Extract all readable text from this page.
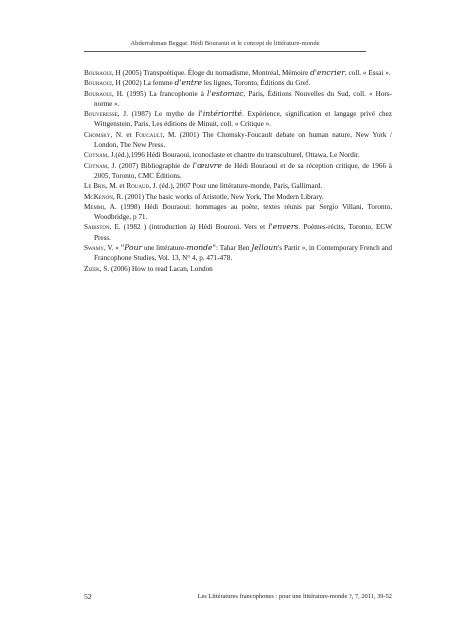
Abderrahman Beggar. Hédi Bouraoui et le concept de littérature-monde

Bouraoui, H (2005) Transpoétique. Éloge du nomadisme, Montréal, Mémoire d'encrier, coll. « Essai ».

Bouraoui, H (2002) La femme d'entre les lignes, Toronto, Éditions du Gref.

Bouraoui, H. (1995) La francophonie à l'estomac, Paris, Éditions Nouvelles du Sud, coll. « Hors-norme ».

Bouveresse, J. (1987) Le mythe de l'intériorité. Expérience, signification et langage privé chez Wittgenstein, Paris, Les éditions de Minuit, coll. « Critique ».

Chomsky, N. et Foucault, M. (2001) The Chomsky-Foucault debate on human nature, New York / London, The New Press.

Cotnam, J.(éd.),1996 Hédi Bouraoui, iconoclaste et chantre du transculturel, Ottawa, Le Nordir.

Cotnam, J. (2007) Bibliographie de l'œuvre de Hédi Bouraoui et de sa réception critique, de 1966 à 2005, Toronto, CMC Éditions.

Le Bris, M. et Rouaud, J. (éd.), 2007 Pour une littérature-monde, Paris, Gallimard.

McKenon, R. (2001) The basic works of Aristotle, New York, The Modern Library.

Memmi, A. (1998) Hédi Bouraoui: hommages au poète, textes réunis par Sergio Villani, Toronto, Woodbridge, p 71.

Sabiston, E. (1982 ) (introduction à) Hédi Bouroui. Vers et l'envers. Poèmes-récits, Toronto, ECW Press.

Swamy, V. « "Pour une littérature-monde": Tahar Ben Jelloun's Partir », in Contemporary French and Francophone Studies, Vol. 13, N° 4, p. 471-478.

Zizek, S. (2006) How to read Lacan, London

52	Les Littératures francophones : pour une littérature-monde ?, 7, 2011, 39-52
